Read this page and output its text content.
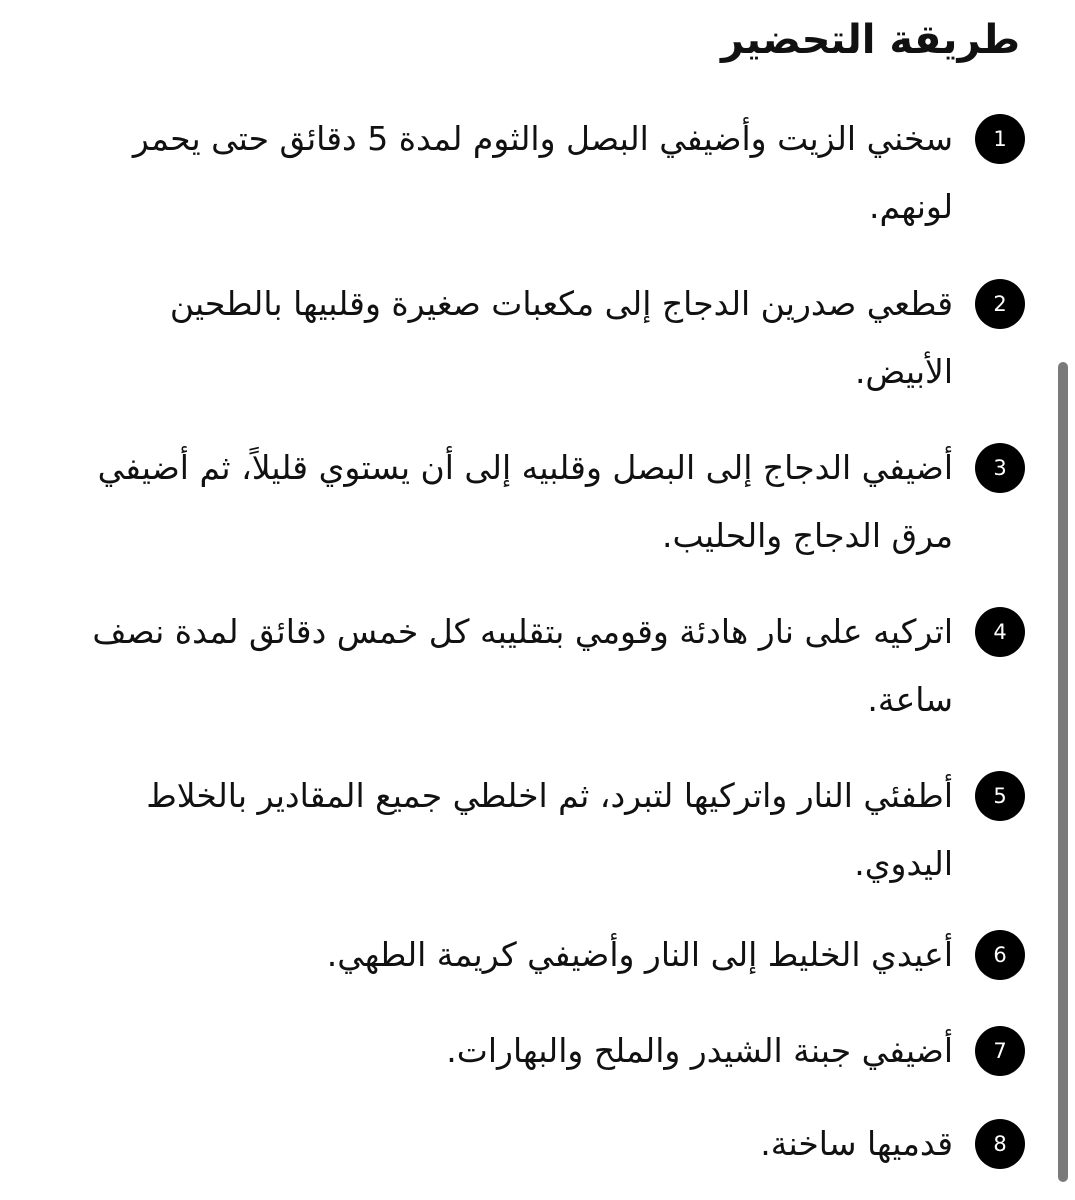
طريقة التحضير
1

سخني الزيت وأضيفي البصل والثوم لمدة 5 دقائق حتى يحمر لونهم.

2

قطعي صدرين الدجاج إلى مكعبات صغيرة وقلبيها بالطحين الأبيض.

3

أضيفي الدجاج إلى البصل وقلبيه إلى أن يستوي قليلاً، ثم أضيفي مرق الدجاج والحليب.

4

اتركيه على نار هادئة وقومي بتقليبه كل خمس دقائق لمدة نصف ساعة.

5

أطفئي النار واتركيها لتبرد، ثم اخلطي جميع المقادير بالخلاط اليدوي.

6

أعيدي الخليط إلى النار وأضيفي كريمة الطهي.

7

أضيفي جبنة الشيدر والملح والبهارات.

8

قدميها ساخنة.
